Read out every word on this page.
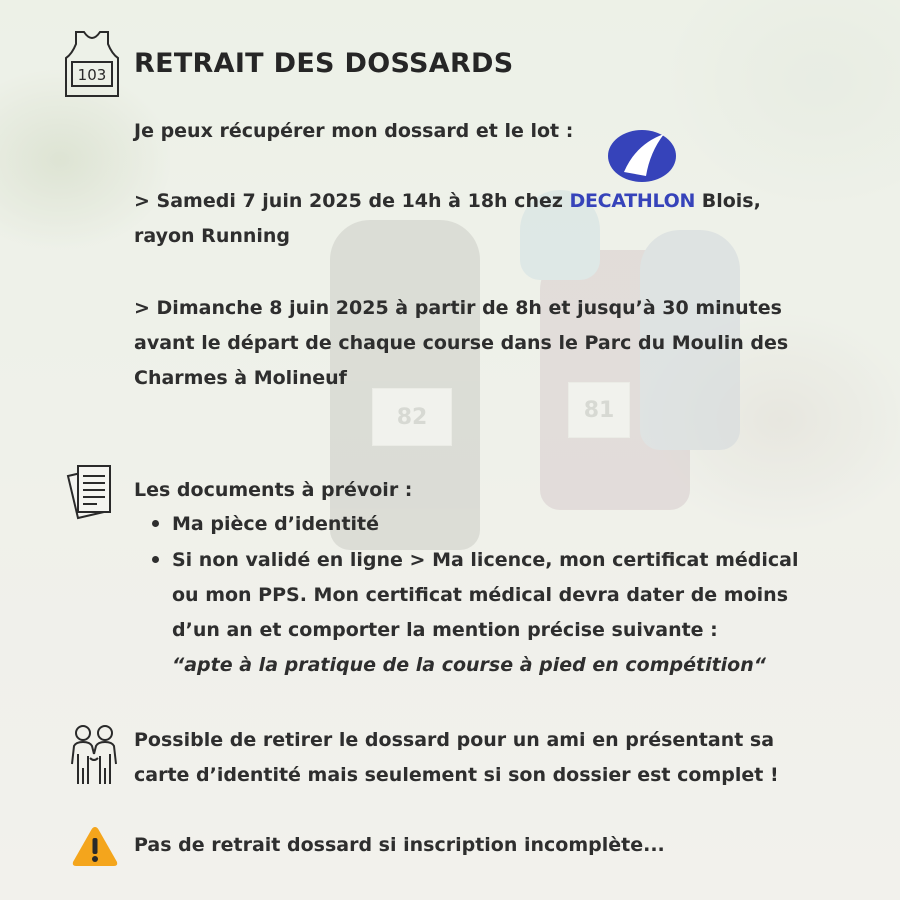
103 RETRAIT DES DOSSARDS

Je peux récupérer mon dossard et le lot :

> Samedi 7 juin 2025 de 14h à 18h chez DECATHLON Blois,

rayon Running

> Dimanche 8 juin 2025 à partir de 8h et jusqu’à 30 minutes

avant le départ de chaque course dans le Parc du Moulin des

Charmes à Molineuf

Les documents à prévoir :

Ma pièce d’identité

Si non validé en ligne > Ma licence, mon certificat médical

ou mon PPS. Mon certificat médical devra dater de moins

d’un an et comporter la mention précise suivante :

“apte à la pratique de la course à pied en compétition“

Possible de retirer le dossard pour un ami en présentant sa

carte d’identité mais seulement si son dossier est complet !

Pas de retrait dossard si inscription incomplète...
